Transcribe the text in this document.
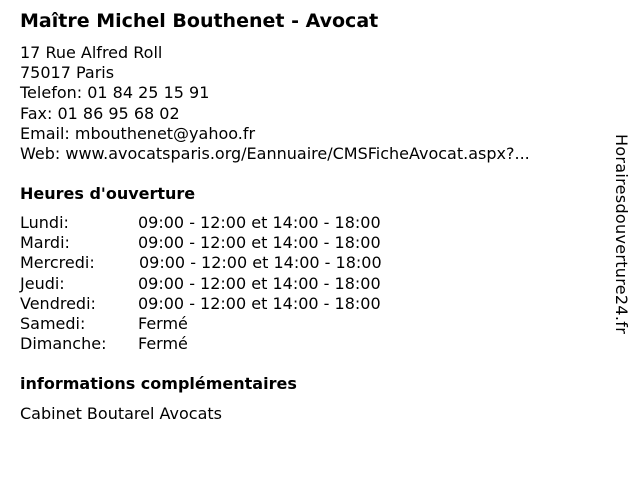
Maître Michel Bouthenet - Avocat
17 Rue Alfred Roll
75017 Paris
Telefon: 01 84 25 15 91
Fax: 01 86 95 68 02
Email: mbouthenet@yahoo.fr
Web: www.avocatsparis.org/Eannuaire/CMSFicheAvocat.aspx?...
Heures d'ouverture
Lundi:	09:00 - 12:00 et 14:00 - 18:00
Mardi:	09:00 - 12:00 et 14:00 - 18:00
Mercredi:	09:00 - 12:00 et 14:00 - 18:00
Jeudi:	09:00 - 12:00 et 14:00 - 18:00
Vendredi:	09:00 - 12:00 et 14:00 - 18:00
Samedi:	Fermé
Dimanche: Fermé
informations complémentaires
Cabinet Boutarel Avocats
Horairesdouverture24.fr
